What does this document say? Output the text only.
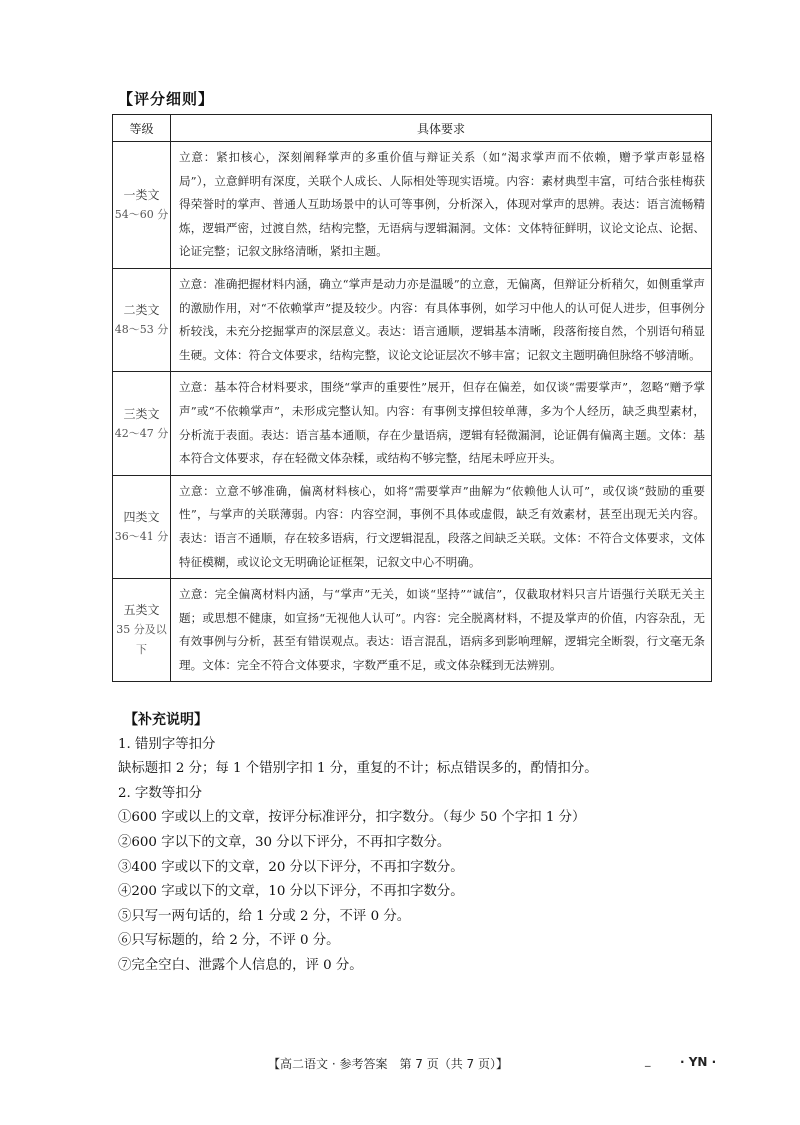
【评分细则】
等级	具体要求

一类文
54～60 分	立意：紧扣核心，深刻阐释掌声的多重价值与辩证关系（如“渴求掌声而不依赖，赠予掌声彰显格局”），立意鲜明有深度，关联个人成长、人际相处等现实语境。内容：素材典型丰富，可结合张桂梅获得荣誉时的掌声、普通人互助场景中的认可等事例，分析深入，体现对掌声的思辨。表达：语言流畅精炼，逻辑严密，过渡自然，结构完整，无语病与逻辑漏洞。文体：文体特征鲜明，议论文论点、论据、论证完整；记叙文脉络清晰，紧扣主题。

二类文
48～53 分	立意：准确把握材料内涵，确立“掌声是动力亦是温暖”的立意，无偏离，但辩证分析稍欠，如侧重掌声的激励作用，对“不依赖掌声”提及较少。内容：有具体事例，如学习中他人的认可促人进步，但事例分析较浅，未充分挖掘掌声的深层意义。表达：语言通顺，逻辑基本清晰，段落衔接自然，个别语句稍显生硬。文体：符合文体要求，结构完整，议论文论证层次不够丰富；记叙文主题明确但脉络不够清晰。

三类文
42～47 分	立意：基本符合材料要求，围绕“掌声的重要性”展开，但存在偏差，如仅谈“需要掌声”，忽略“赠予掌声”或“不依赖掌声”，未形成完整认知。内容：有事例支撑但较单薄，多为个人经历，缺乏典型素材，分析流于表面。表达：语言基本通顺，存在少量语病，逻辑有轻微漏洞，论证偶有偏离主题。文体：基本符合文体要求，存在轻微文体杂糅，或结构不够完整，结尾未呼应开头。

四类文
36～41 分	立意：立意不够准确，偏离材料核心，如将“需要掌声”曲解为“依赖他人认可”，或仅谈“鼓励的重要性”，与掌声的关联薄弱。内容：内容空洞，事例不具体或虚假，缺乏有效素材，甚至出现无关内容。表达：语言不通顺，存在较多语病，行文逻辑混乱，段落之间缺乏关联。文体：不符合文体要求，文体特征模糊，或议论文无明确论证框架，记叙文中心不明确。

五类文
35 分及以下	立意：完全偏离材料内涵，与“掌声”无关，如谈“坚持”“诚信”，仅截取材料只言片语强行关联无关主题；或思想不健康，如宣扬“无视他人认可”。内容：完全脱离材料，不提及掌声的价值，内容杂乱，无有效事例与分析，甚至有错误观点。表达：语言混乱，语病多到影响理解，逻辑完全断裂，行文毫无条理。文体：完全不符合文体要求，字数严重不足，或文体杂糅到无法辨别。
【补充说明】
1. 错别字等扣分
缺标题扣 2 分；每 1 个错别字扣 1 分，重复的不计；标点错误多的，酌情扣分。
2. 字数等扣分
①600 字或以上的文章，按评分标准评分，扣字数分。（每少 50 个字扣 1 分）
②600 字以下的文章，30 分以下评分，不再扣字数分。
③400 字或以下的文章，20 分以下评分，不再扣字数分。
④200 字或以下的文章，10 分以下评分，不再扣字数分。
⑤只写一两句话的，给 1 分或 2 分，不评 0 分。
⑥只写标题的，给 2 分，不评 0 分。
⑦完全空白、泄露个人信息的，评 0 分。
【高二语文 · 参考答案　第 7 页（共 7 页）】	_ · YN ·
